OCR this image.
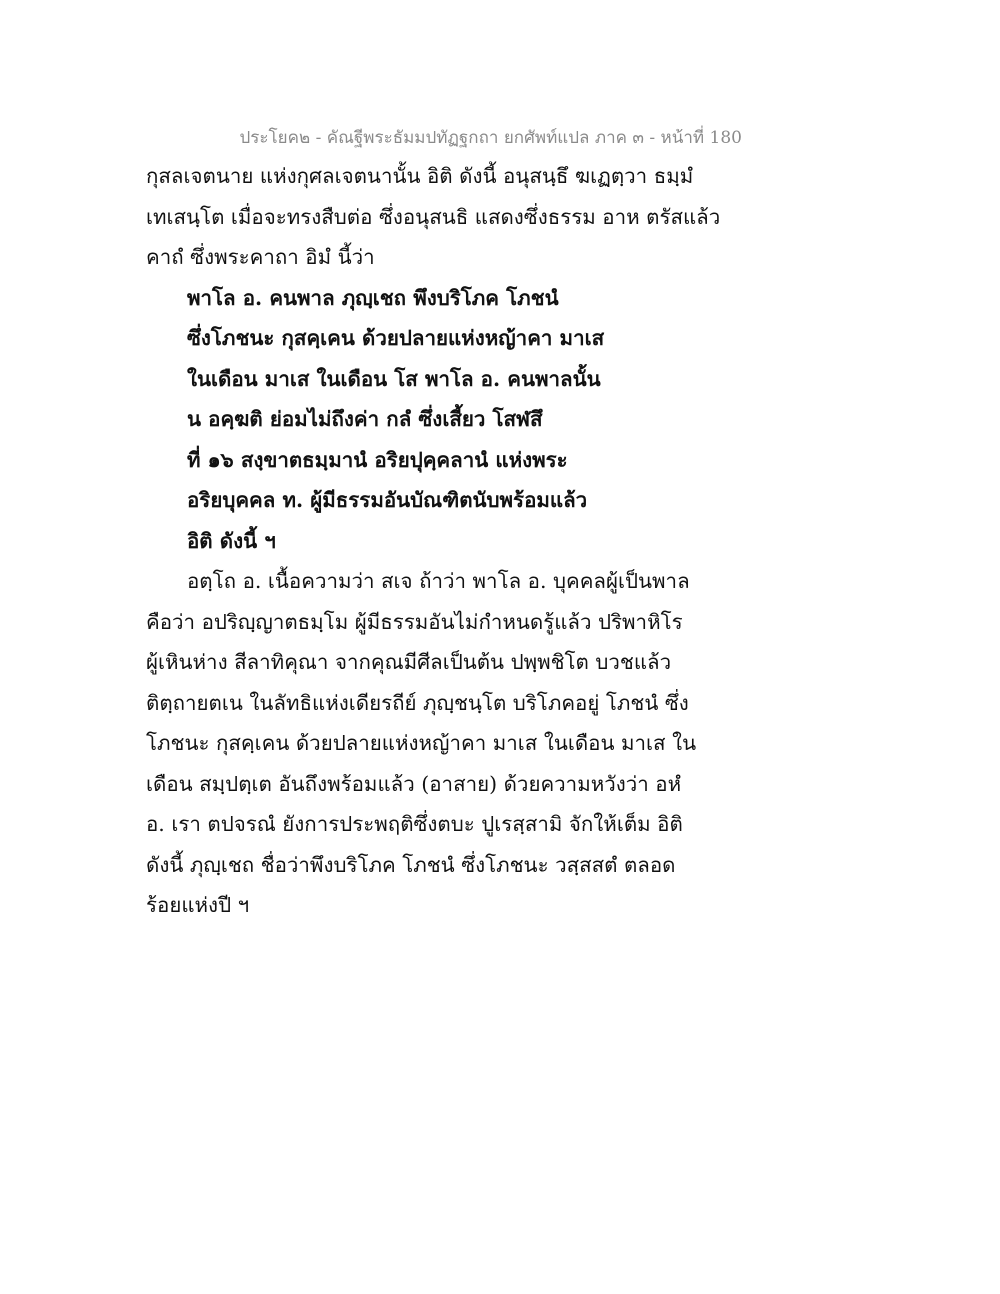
ประโยค๒ - คัณฐีพระธัมมปทัฏฐกถา ยกศัพท์แปล ภาค ๓ - หน้าที่ 180
กุสลเจตนาย แห่งกุศลเจตนานั้น อิติ ดังนี้ อนุสนฺธึ ฆเฏตฺวา ธมฺมํ
เทเสนฺโต เมื่อจะทรงสืบต่อ ซึ่งอนุสนธิ แสดงซึ่งธรรม อาห ตรัสแล้ว
คาถํ ซึ่งพระคาถา อิมํ นี้ว่า
พาโล อ. คนพาล ภุญฺเชถ พึงบริโภค โภชนํ
ซึ่งโภชนะ กุสคฺเคน ด้วยปลายแห่งหญ้าคา มาเส
ในเดือน มาเส ในเดือน โส พาโล อ. คนพาลนั้น
น อคฺฆติ ย่อมไม่ถึงค่า กลํ ซึ่งเสี้ยว โสฬสึ
ที่ ๑๖ สงฺขาตธมฺมานํ อริยปุคฺคลานํ แห่งพระ
อริยบุคคล ท. ผู้มีธรรมอันบัณฑิตนับพร้อมแล้ว
อิติ ดังนี้ ฯ
อตฺโถ อ. เนื้อความว่า สเจ ถ้าว่า พาโล อ. บุคคลผู้เป็นพาล
คือว่า อปริญฺญาตธมฺโม ผู้มีธรรมอันไม่กำหนดรู้แล้ว ปริพาหิโร
ผู้เหินห่าง สีลาทิคุณา จากคุณมีศีลเป็นต้น ปพฺพชิโต บวชแล้ว
ติตฺถายตเน ในลัทธิแห่งเดียรถีย์ ภุญฺชนฺโต บริโภคอยู่ โภชนํ ซึ่ง
โภชนะ กุสคฺเคน ด้วยปลายแห่งหญ้าคา มาเส ในเดือน มาเส ใน
เดือน สมฺปตฺเต อันถึงพร้อมแล้ว (อาสาย) ด้วยความหวังว่า อหํ
อ. เรา ตปจรณํ ยังการประพฤติซึ่งตบะ ปูเรสฺสามิ จักให้เต็ม อิติ
ดังนี้ ภุญฺเชถ ชื่อว่าพึงบริโภค โภชนํ ซึ่งโภชนะ วสฺสสตํ ตลอด
ร้อยแห่งปี ฯ
